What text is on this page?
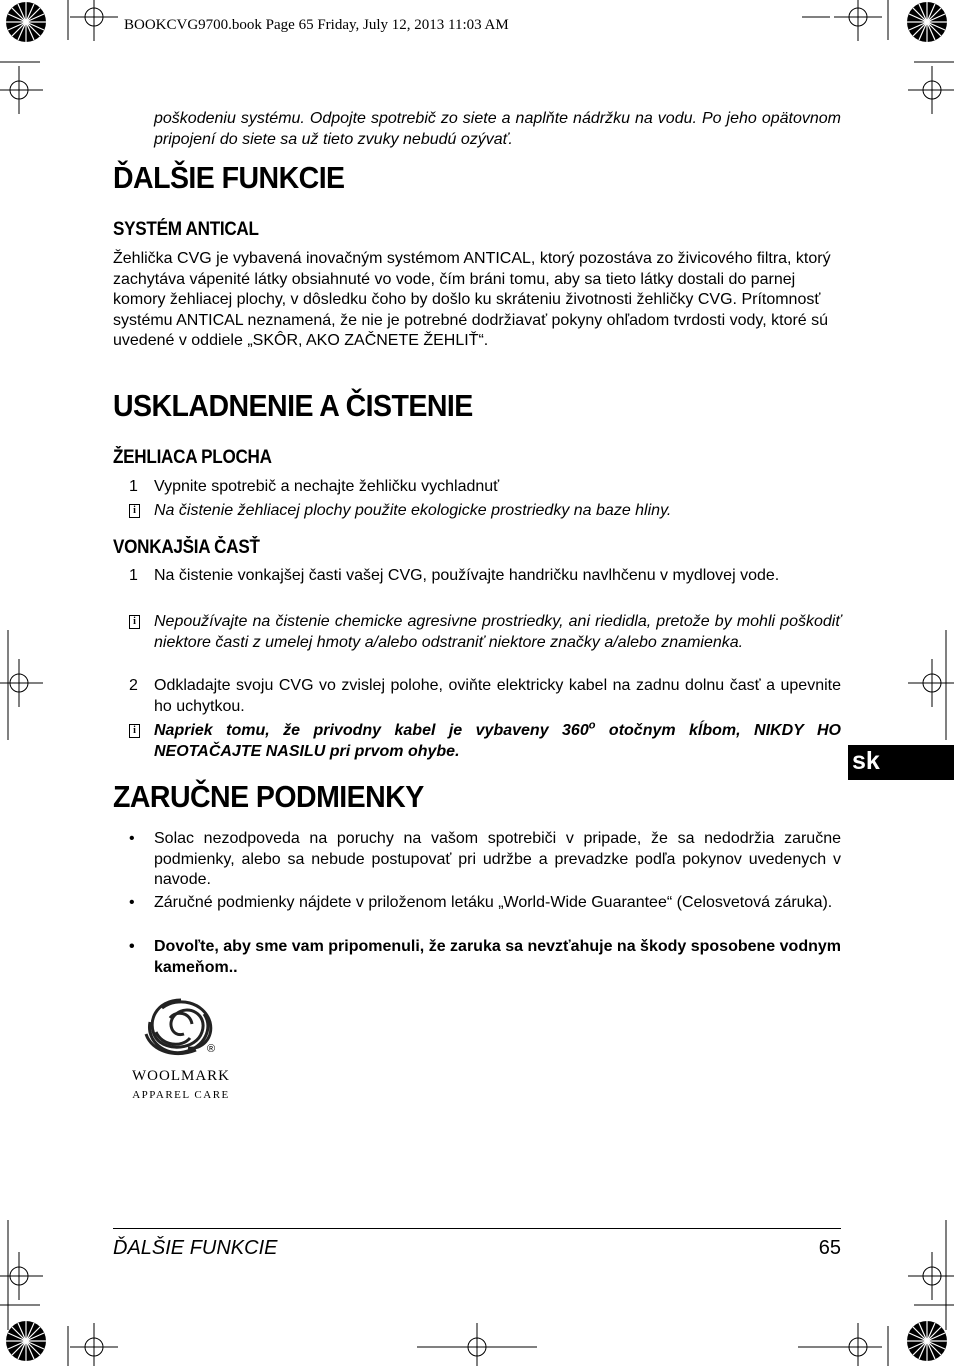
BOOKCVG9700.book Page 65 Friday, July 12, 2013 11:03 AM
poškodeniu systému. Odpojte spotrebič zo siete a naplňte nádržku na vodu. Po jeho opätovnom pripojení do siete sa už tieto zvuky nebudú ozývať.
ĎALŠIE FUNKCIE
SYSTÉM ANTICAL
Žehlička CVG je vybavená inovačným systémom ANTICAL, ktorý pozostáva zo živicového filtra, ktorý zachytáva vápenité látky obsiahnuté vo vode, čím bráni tomu, aby sa tieto látky dostali do parnej komory žehliacej plochy, v dôsledku čoho by došlo ku skráteniu životnosti žehličky CVG. Prítomnosť systému ANTICAL neznamená, že nie je potrebné dodržiavať pokyny ohľadom tvrdosti vody, ktoré sú uvedené v oddiele „SKÔR, AKO ZAČNETE ŽEHLIŤ“.
USKLADNENIE A ČISTENIE
ŽEHLIACA PLOCHA
1	Vypnite spotrebič a nechajte žehličku vychladnuť
i Na čistenie žehliacej plochy použite ekologicke prostriedky na baze hliny.
VONKAJŠIA ČASŤ
1	Na čistenie vonkajšej časti vašej CVG, používajte handričku navlhčenu v mydlovej vode.
i Nepoužívajte na čistenie chemicke agresivne prostriedky, ani riedidla, pretože by mohli poškodiť niektore časti z umelej hmoty a/alebo odstraniť niektore značky a/alebo znamienka.
2	Odkladajte svoju CVG vo zvislej polohe, oviňte elektricky kabel na zadnu dolnu časť a upevnite ho uchytkou.
i Napriek tomu, že privodny kabel je vybaveny 360$^o$ otočnym kĺbom, NIKDY HO NEOTAČAJTE NASILU pri prvom ohybe.
ZARUČNE PODMIENKY
•	Solac nezodpoveda na poruchy na vašom spotrebiči v pripade, že sa nedodržia zaručne podmienky, alebo sa nebude postupovať pri udržbe a prevadzke podľa pokynov uvedenych v navode.
•	Záručné podmienky nájdete v priloženom letáku „World-Wide Guarantee“ (Celosvetová záruka).
•	Dovoľte, aby sme vam pripomenuli, že zaruka sa nevzťahuje na škody sposobene vodnym kameňom..
®
WOOLMARK
APPAREL CARE
sk
ĎALŠIE FUNKCIE	65
